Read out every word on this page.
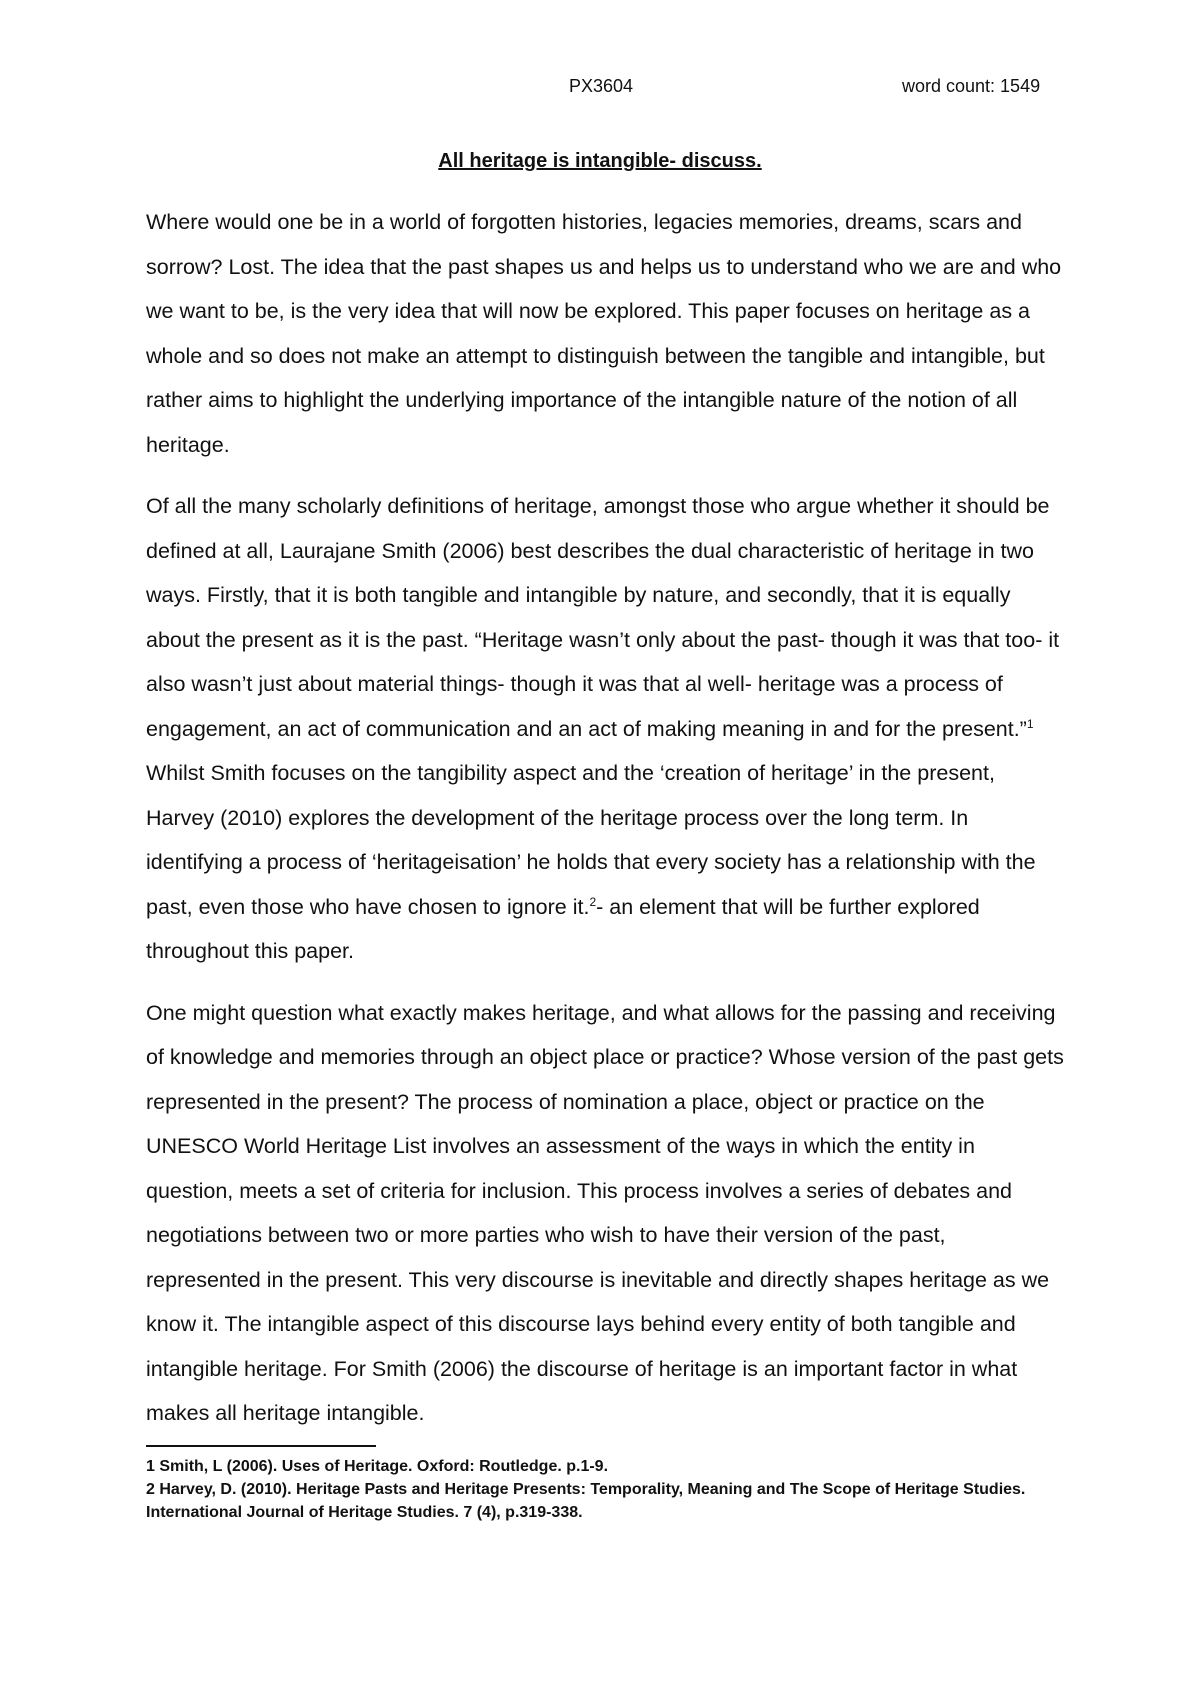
PX3604	word count: 1549
All heritage is intangible- discuss.

Where would one be in a world of forgotten histories, legacies memories, dreams, scars and sorrow? Lost. The idea that the past shapes us and helps us to understand who we are and who we want to be, is the very idea that will now be explored. This paper focuses on heritage as a whole and so does not make an attempt to distinguish between the tangible and intangible, but rather aims to highlight the underlying importance of the intangible nature of the notion of all heritage.

Of all the many scholarly definitions of heritage, amongst those who argue whether it should be defined at all, Laurajane Smith (2006) best describes the dual characteristic of heritage in two ways. Firstly, that it is both tangible and intangible by nature, and secondly, that it is equally about the present as it is the past. “Heritage wasn’t only about the past- though it was that too- it also wasn’t just about material things- though it was that al well- heritage was a process of engagement, an act of communication and an act of making meaning in and for the present.”$^1$ Whilst Smith focuses on the tangibility aspect and the ‘creation of heritage’ in the present, Harvey (2010) explores the development of the heritage process over the long term. In identifying a process of ‘heritageisation’ he holds that every society has a relationship with the past, even those who have chosen to ignore it.$^2$- an element that will be further explored throughout this paper.

One might question what exactly makes heritage, and what allows for the passing and receiving of knowledge and memories through an object place or practice? Whose version of the past gets represented in the present? The process of nomination a place, object or practice on the UNESCO World Heritage List involves an assessment of the ways in which the entity in question, meets a set of criteria for inclusion. This process involves a series of debates and negotiations between two or more parties who wish to have their version of the past, represented in the present. This very discourse is inevitable and directly shapes heritage as we know it. The intangible aspect of this discourse lays behind every entity of both tangible and intangible heritage. For Smith (2006) the discourse of heritage is an important factor in what makes all heritage intangible.

1 Smith, L (2006). Uses of Heritage. Oxford: Routledge. p.1-9.
2 Harvey, D. (2010). Heritage Pasts and Heritage Presents: Temporality, Meaning and The Scope of Heritage Studies. International Journal of Heritage Studies. 7 (4), p.319-338.
